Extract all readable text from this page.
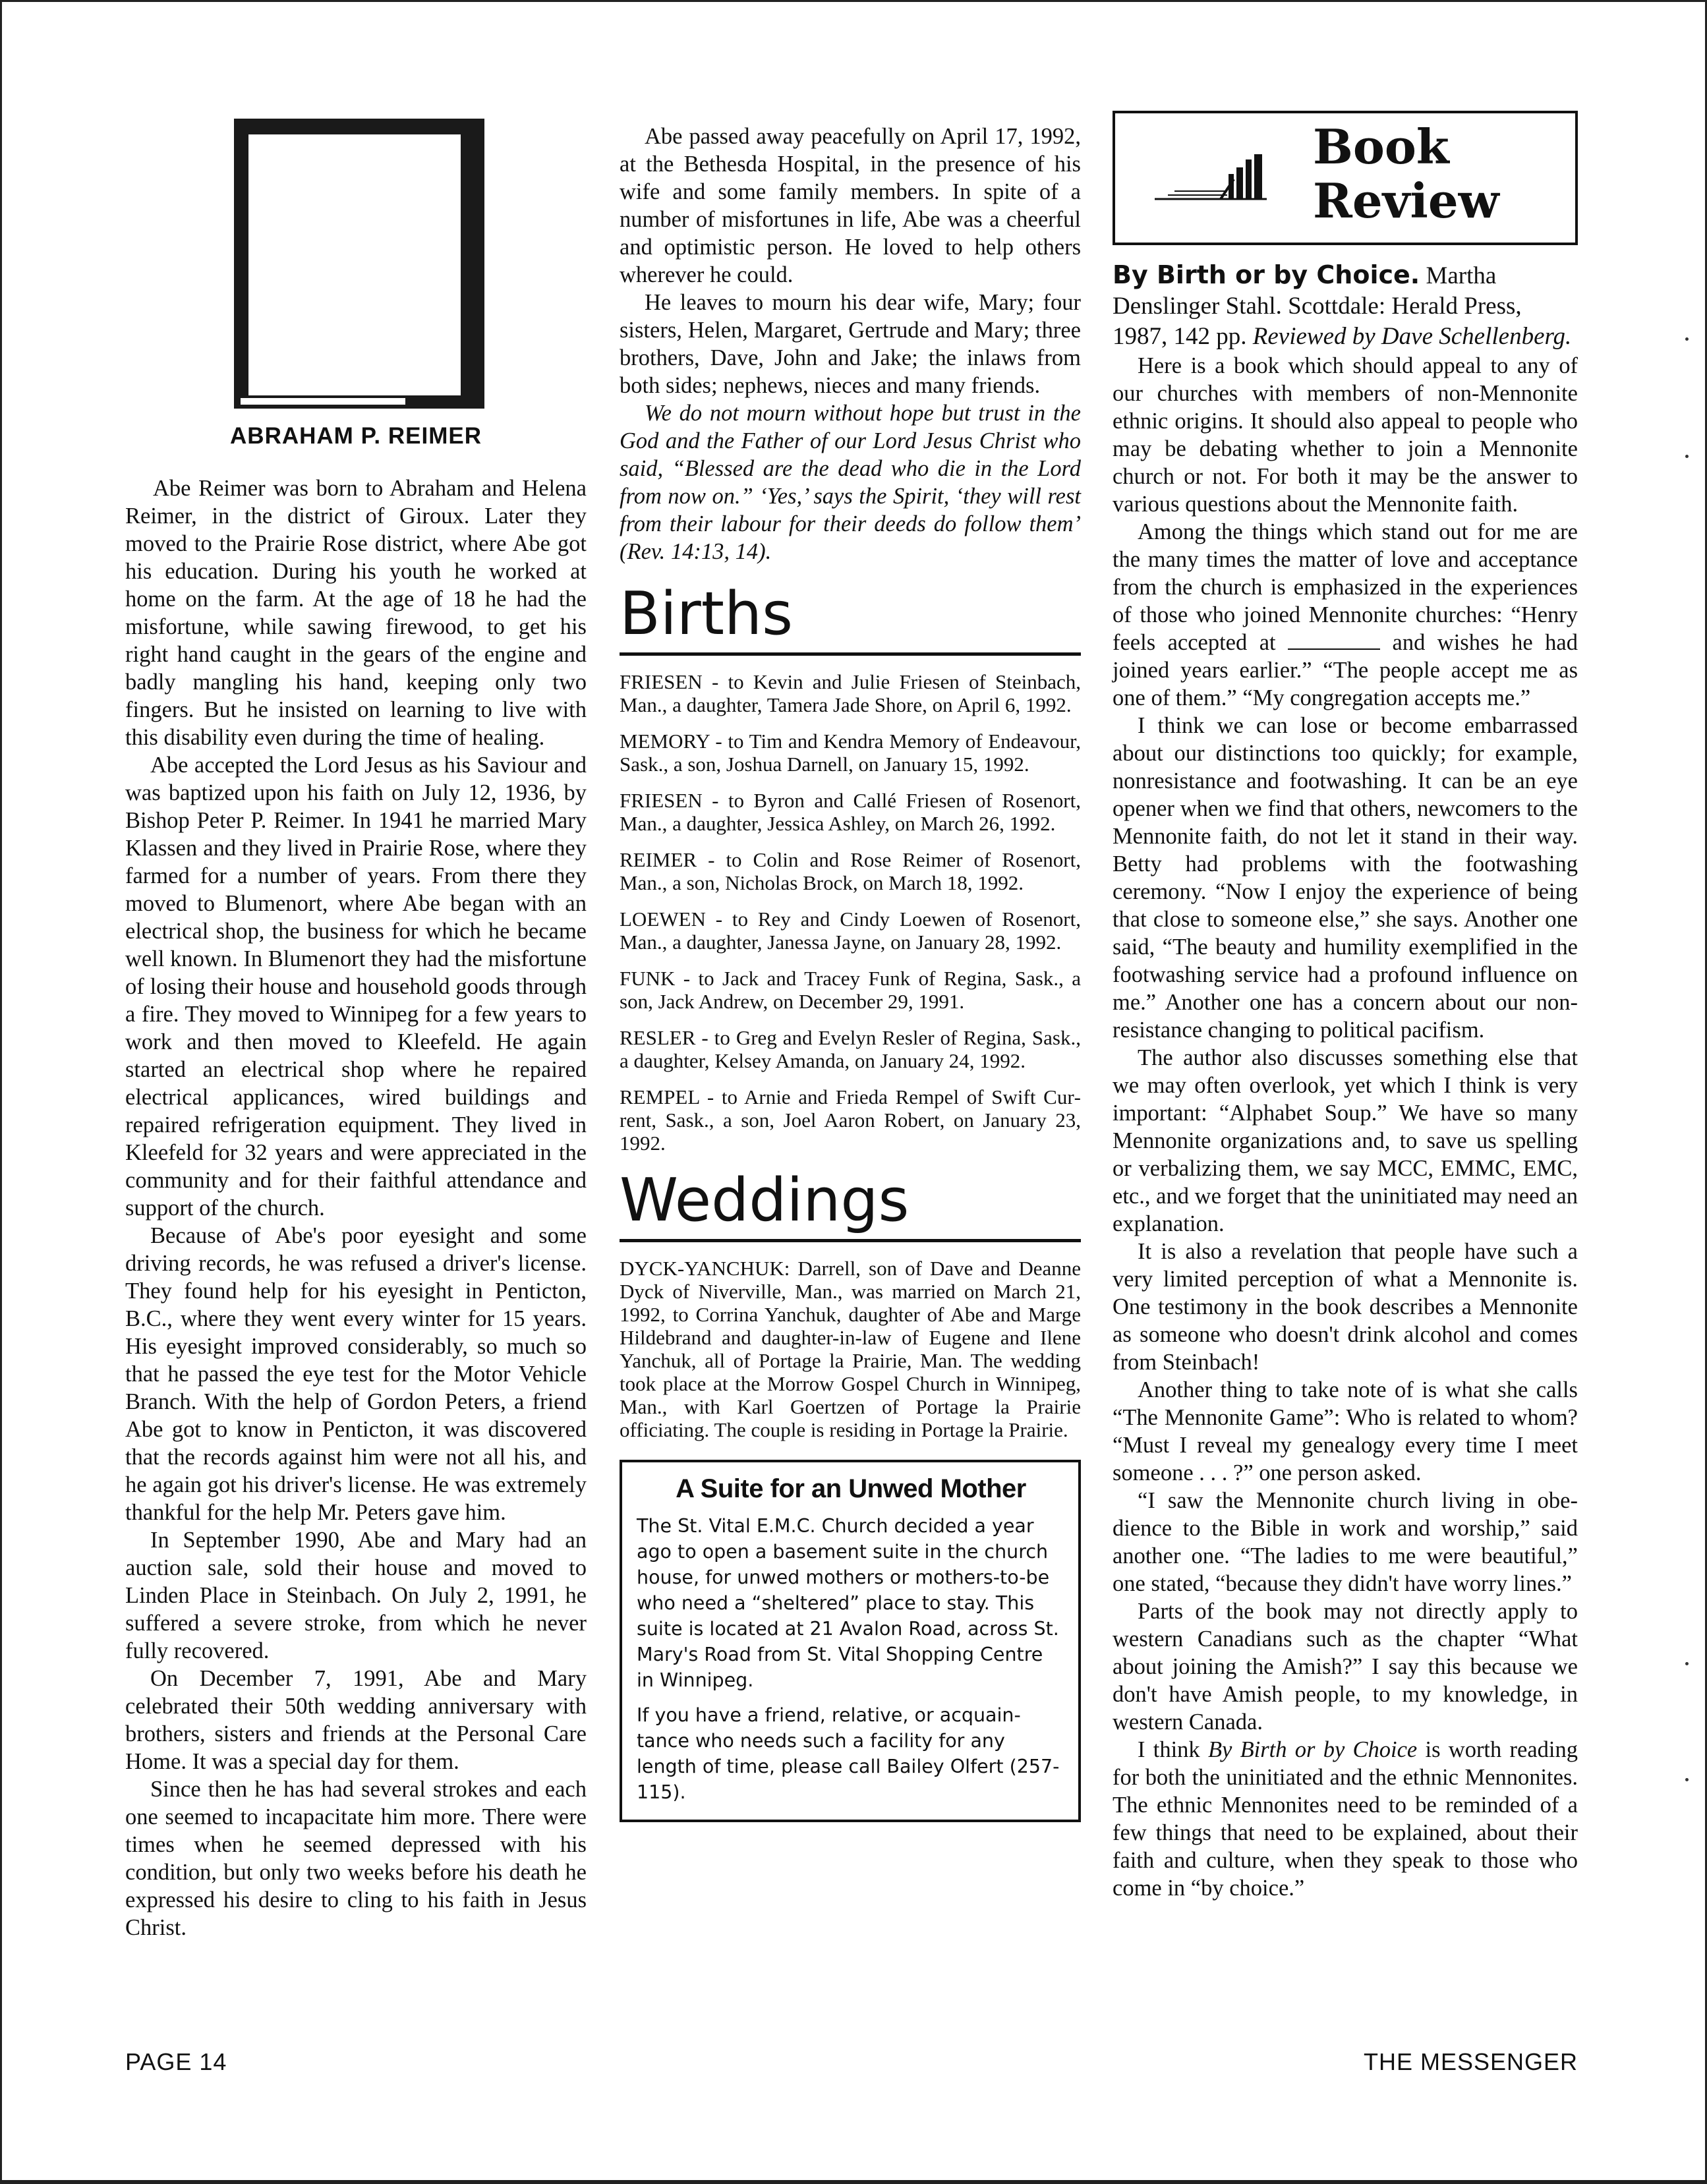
ABRAHAM P. REIMER

Abe Reimer was born to Abraham and Helena Reimer, in the district of Giroux. Later they moved to the Prairie Rose district, where Abe got his education. During his youth he worked at home on the farm. At the age of 18 he had the misfortune, while sawing firewood, to get his right hand caught in the gears of the engine and badly mangling his hand, keeping only two fingers. But he insisted on learning to live with this disability even during the time of healing.

Abe accepted the Lord Jesus as his Saviour and was baptized upon his faith on July 12, 1936, by Bishop Peter P. Reimer. In 1941 he married Mary Klassen and they lived in Prairie Rose, where they farmed for a number of years. From there they moved to Blumenort, where Abe began with an electrical shop, the business for which he became well known. In Blumenort they had the misfortune of losing their house and household goods through a fire. They moved to Winnipeg for a few years to work and then moved to Kleefeld. He again started an electrical shop where he repaired electrical applicances, wired buildings and repaired refrigeration equipment. They lived in Kleefeld for 32 years and were appreciated in the community and for their faithful attendance and support of the church.

Because of Abe's poor eyesight and some driving records, he was refused a driver's license. They found help for his eyesight in Penticton, B.C., where they went every winter for 15 years. His eyesight improved considerably, so much so that he passed the eye test for the Motor Vehicle Branch. With the help of Gordon Peters, a friend Abe got to know in Penticton, it was discovered that the records against him were not all his, and he again got his driver's license. He was extremely thankful for the help Mr. Peters gave him.

In September 1990, Abe and Mary had an auction sale, sold their house and moved to Linden Place in Steinbach. On July 2, 1991, he suffered a severe stroke, from which he never fully recovered.

On December 7, 1991, Abe and Mary celebrated their 50th wedding anniversary with brothers, sisters and friends at the Personal Care Home. It was a special day for them.

Since then he has had several strokes and each one seemed to incapacitate him more. There were times when he seemed depressed with his condition, but only two weeks before his death he expressed his desire to cling to his faith in Jesus Christ.

Abe passed away peacefully on April 17, 1992, at the Bethesda Hospital, in the presence of his wife and some family members. In spite of a number of misfortunes in life, Abe was a cheerful and optimistic person. He loved to help others wherever he could.

He leaves to mourn his dear wife, Mary; four sisters, Helen, Margaret, Gertrude and Mary; three brothers, Dave, John and Jake; the inlaws from both sides; nephews, nieces and many friends.

We do not mourn without hope but trust in the God and the Father of our Lord Jesus Christ who said, “Blessed are the dead who die in the Lord from now on.” ‘Yes,’ says the Spirit, ‘they will rest from their labour for their deeds do follow them’ (Rev. 14:13, 14).

Births

FRIESEN - to Kevin and Julie Friesen of Steinbach, Man., a daughter, Tamera Jade Shore, on April 6, 1992.

MEMORY - to Tim and Kendra Memory of Endeavour, Sask., a son, Joshua Darnell, on January 15, 1992.

FRIESEN - to Byron and Callé Friesen of Rosenort, Man., a daughter, Jessica Ashley, on March 26, 1992.

REIMER - to Colin and Rose Reimer of Rosenort, Man., a son, Nicholas Brock, on March 18, 1992.

LOEWEN - to Rey and Cindy Loewen of Rosenort, Man., a daughter, Janessa Jayne, on January 28, 1992.

FUNK - to Jack and Tracey Funk of Regina, Sask., a son, Jack Andrew, on December 29, 1991.

RESLER - to Greg and Evelyn Resler of Regina, Sask., a daughter, Kelsey Amanda, on January 24, 1992.

REMPEL - to Arnie and Frieda Rempel of Swift Current, Sask., a son, Joel Aaron Robert, on January 23, 1992.

Weddings

DYCK-YANCHUK: Darrell, son of Dave and Deanne Dyck of Niverville, Man., was married on March 21, 1992, to Corrina Yanchuk, daughter of Abe and Marge Hildebrand and daughter-in-law of Eugene and Ilene Yanchuk, all of Portage la Prairie, Man. The wedding took place at the Morrow Gospel Church in Winnipeg, Man., with Karl Goertzen of Portage la Prairie officiating. The couple is residing in Portage la Prairie.

A Suite for an Unwed Mother

The St. Vital E.M.C. Church decided a year ago to open a basement suite in the church house, for unwed mothers or mothers-to-be who need a “sheltered” place to stay. This suite is located at 21 Avalon Road, across St. Mary's Road from St. Vital Shopping Centre in Winnipeg.

If you have a friend, relative, or acquaintance who needs such a facility for any length of time, please call Bailey Olfert (257-115).

Book
Review

By Birth or by Choice. Martha Denslinger Stahl. Scottdale: Herald Press, 1987, 142 pp. Reviewed by Dave Schellenberg.

Here is a book which should appeal to any of our churches with members of non-Mennonite ethnic origins. It should also appeal to people who may be debating whether to join a Mennonite church or not. For both it may be the answer to various questions about the Mennonite faith.

Among the things which stand out for me are the many times the matter of love and acceptance from the church is emphasized in the experiences of those who joined Mennonite churches: “Henry feels accepted at	and wishes he had joined years earlier.” “The people accept me as one of them.” “My congregation accepts me.”

I think we can lose or become embarrassed about our distinctions too quickly; for example, nonresistance and footwashing. It can be an eye opener when we find that others, newcomers to the Mennonite faith, do not let it stand in their way. Betty had problems with the footwashing ceremony. “Now I enjoy the experience of being that close to someone else,” she says. Another one said, “The beauty and humility exemplified in the footwashing service had a profound influence on me.” Another one has a concern about our nonresistance changing to political pacifism.

The author also discusses something else that we may often overlook, yet which I think is very important: “Alphabet Soup.” We have so many Mennonite organizations and, to save us spelling or verbalizing them, we say MCC, EMMC, EMC, etc., and we forget that the uninitiated may need an explanation.

It is also a revelation that people have such a very limited perception of what a Mennonite is. One testimony in the book describes a Mennonite as someone who doesn't drink alcohol and comes from Steinbach!

Another thing to take note of is what she calls “The Mennonite Game”: Who is related to whom? “Must I reveal my genealogy every time I meet someone . . . ?” one person asked.

“I saw the Mennonite church living in obedience to the Bible in work and worship,” said another one. “The ladies to me were beautiful,” one stated, “because they didn't have worry lines.”

Parts of the book may not directly apply to western Canadians such as the chapter “What about joining the Amish?” I say this because we don't have Amish people, to my knowledge, in western Canada.

I think By Birth or by Choice is worth reading for both the uninitiated and the ethnic Mennonites. The ethnic Mennonites need to be reminded of a few things that need to be explained, about their faith and culture, when they speak to those who come in “by choice.”

PAGE 14	THE MESSENGER
